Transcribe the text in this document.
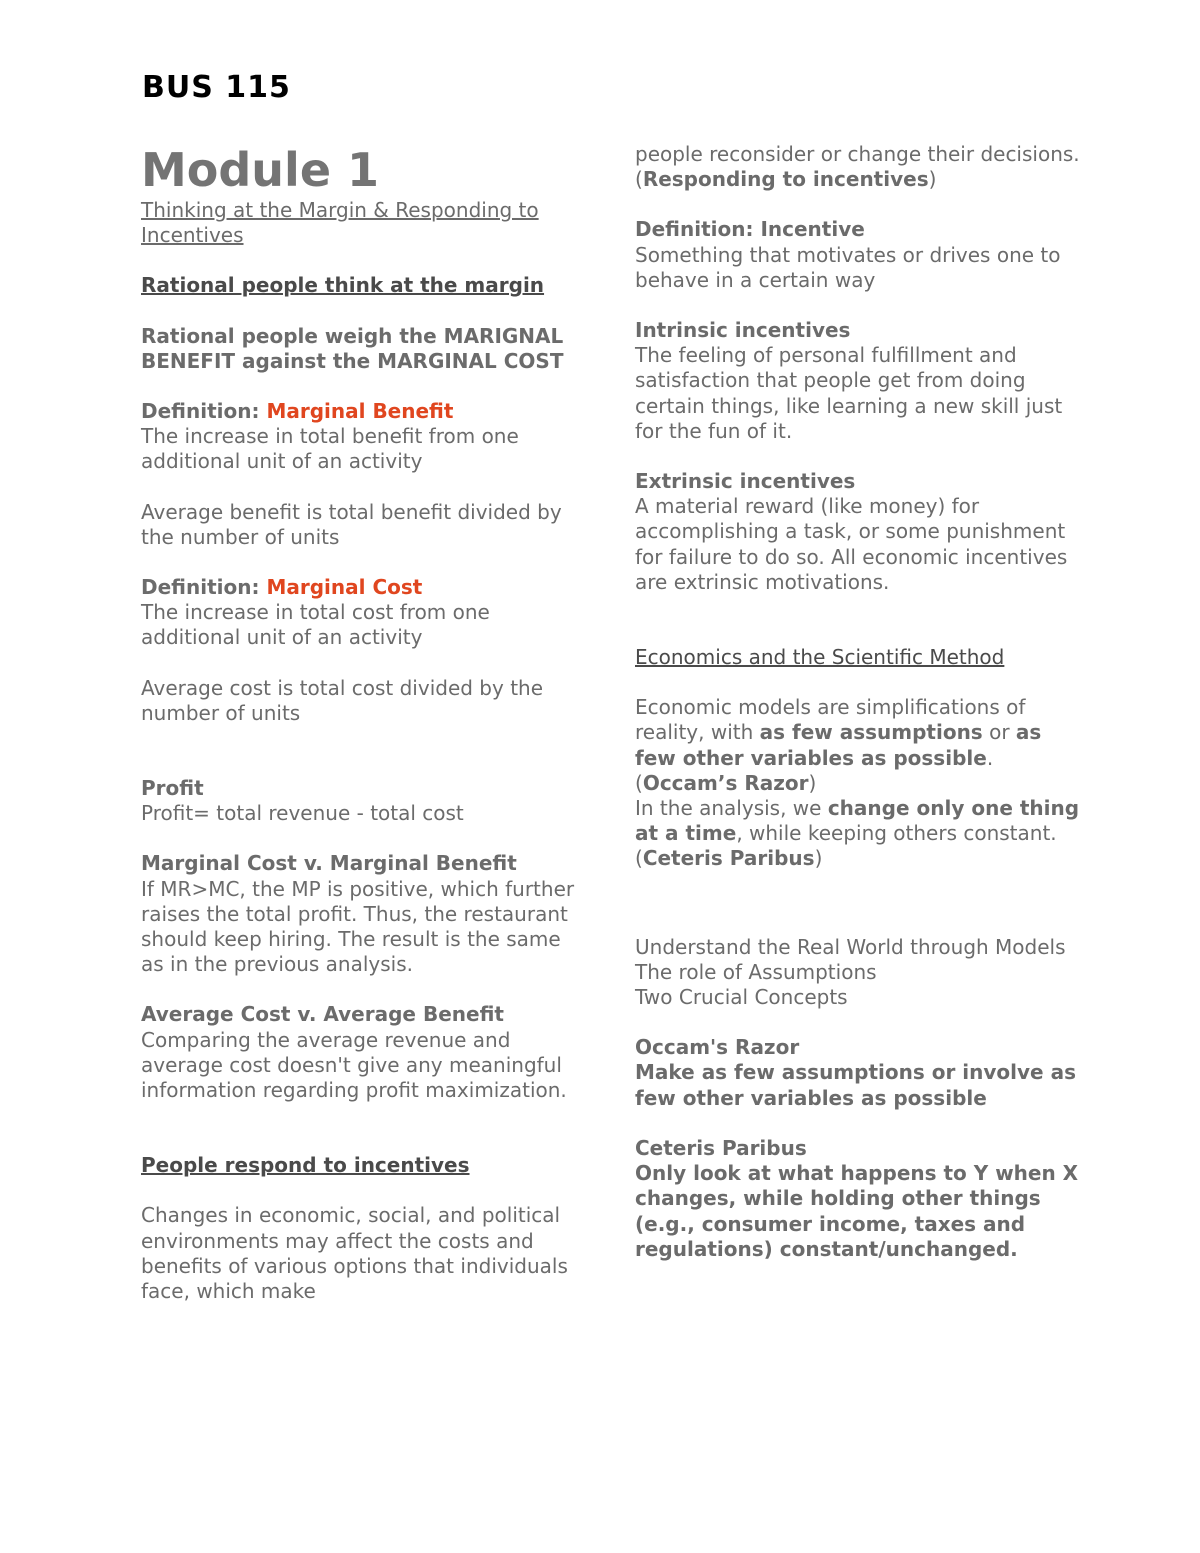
BUS 115

Module 1

Thinking at the Margin & Responding to Incentives

Rational people think at the margin

Rational people weigh the MARIGNAL BENEFIT against the MARGINAL COST

Definition: Marginal Benefit

The increase in total benefit from one additional unit of an activity

Average benefit is total benefit divided by the number of units

Definition: Marginal Cost

The increase in total cost from one additional unit of an activity

Average cost is total cost divided by the number of units

Profit

Profit= total revenue - total cost

Marginal Cost v. Marginal Benefit

If MR>MC, the MP is positive, which further raises the total profit. Thus, the restaurant should keep hiring. The result is the same as in the previous analysis.

Average Cost v. Average Benefit

Comparing the average revenue and average cost doesn't give any meaningful information regarding profit maximization.

People respond to incentives

Changes in economic, social, and political environments may affect the costs and benefits of various options that individuals face, which make

people reconsider or change their decisions. (Responding to incentives)

Definition: Incentive

Something that motivates or drives one to behave in a certain way

Intrinsic incentives

The feeling of personal fulfillment and satisfaction that people get from doing certain things, like learning a new skill just for the fun of it.

Extrinsic incentives

A material reward (like money) for accomplishing a task, or some punishment for failure to do so. All economic incentives are extrinsic motivations.

Economics and the Scientific Method

Economic models are simplifications of reality, with as few assumptions or as few other variables as possible. (Occam’s Razor)

In the analysis, we change only one thing at a time, while keeping others constant. (Ceteris Paribus)

Understand the Real World through Models

The role of Assumptions

Two Crucial Concepts

Occam's Razor

Make as few assumptions or involve as few other variables as possible

Ceteris Paribus

Only look at what happens to Y when X changes, while holding other things (e.g., consumer income, taxes and regulations) constant/unchanged.
